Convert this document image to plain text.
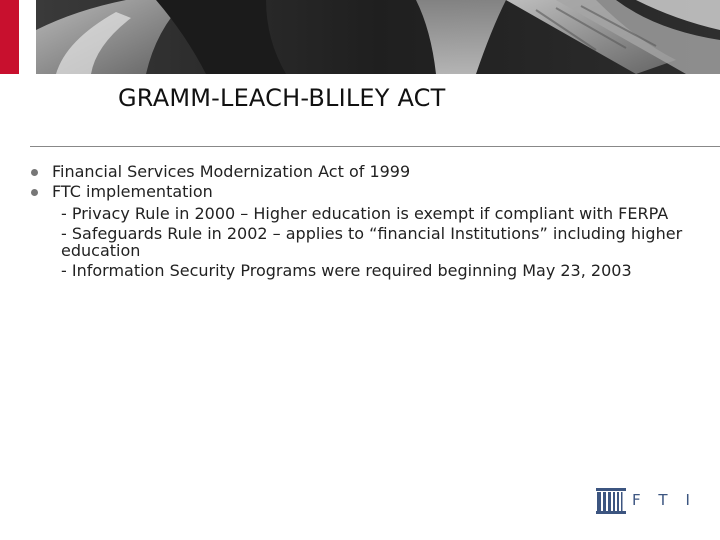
GRAMM-LEACH-BLILEY ACT
Financial Services Modernization Act of 1999
FTC implementation
- Privacy Rule in 2000 – Higher education is exempt if compliant with FERPA
- Safeguards Rule in 2002 – applies to “financial Institutions” including higher education
- Information Security Programs were required beginning May 23, 2003
FTI
